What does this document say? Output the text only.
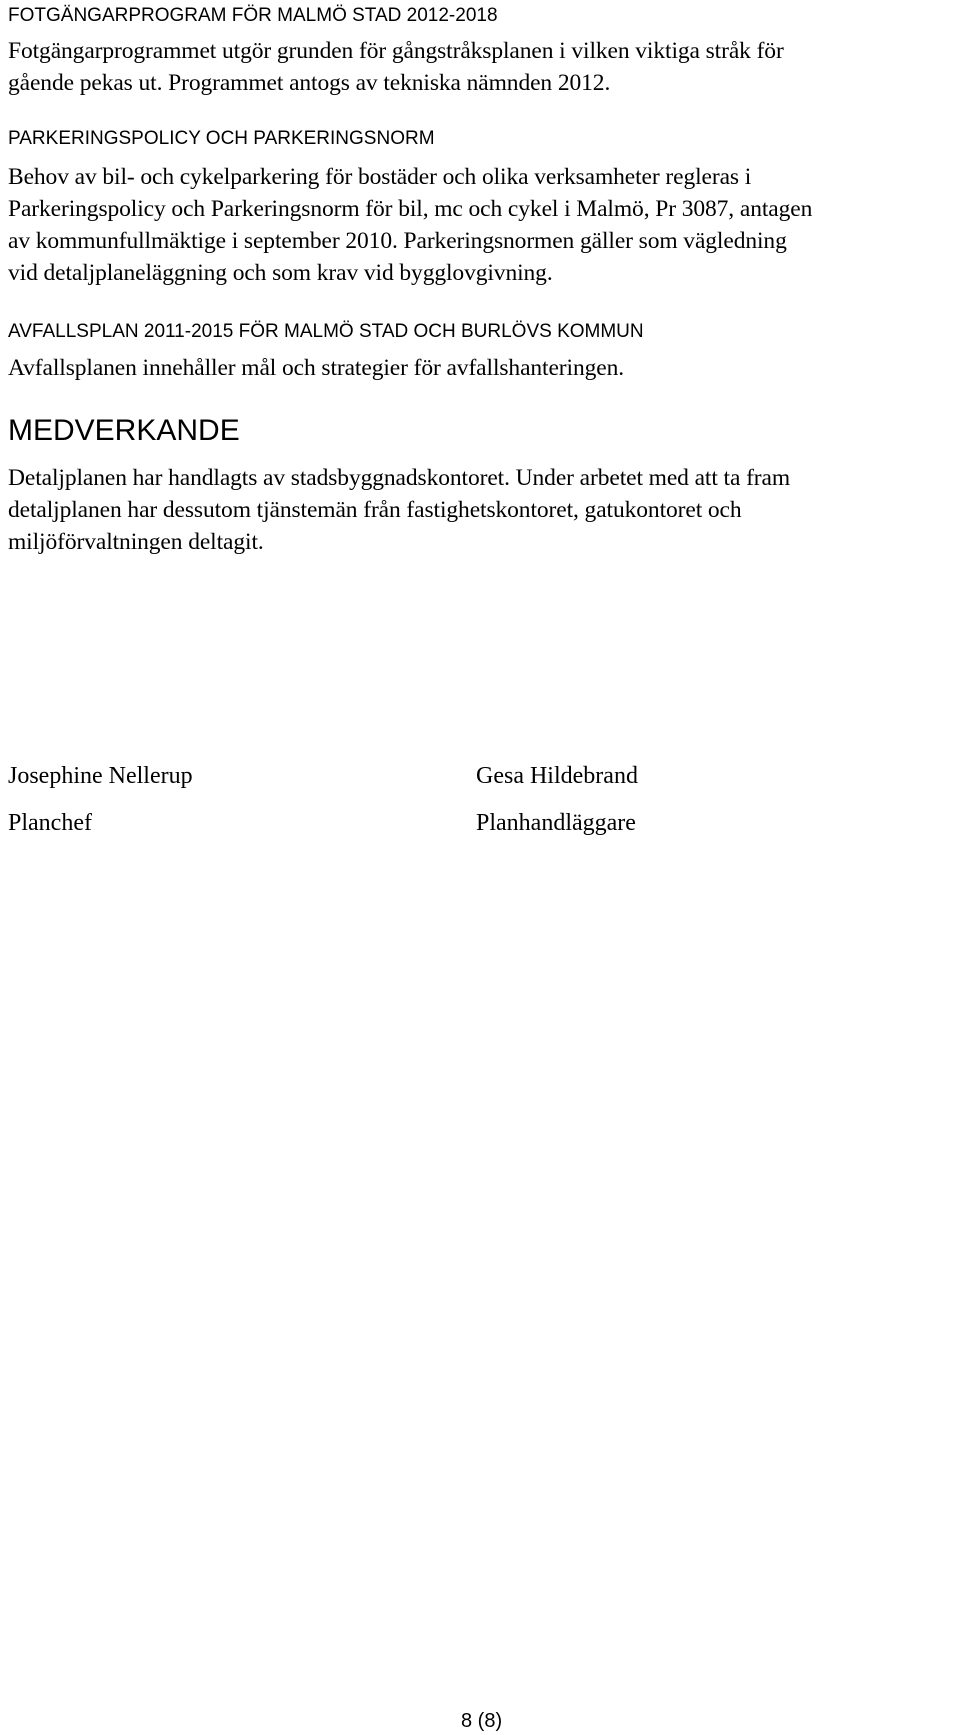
FOTGÄNGARPROGRAM FÖR MALMÖ STAD 2012-2018

Fotgängarprogrammet utgör grunden för gångstråksplanen i vilken viktiga stråk för
gående pekas ut. Programmet antogs av tekniska nämnden 2012.

PARKERINGSPOLICY OCH PARKERINGSNORM

Behov av bil- och cykelparkering för bostäder och olika verksamheter regleras i
Parkeringspolicy och Parkeringsnorm för bil, mc och cykel i Malmö, Pr 3087, antagen
av kommunfullmäktige i september 2010. Parkeringsnormen gäller som vägledning
vid detaljplaneläggning och som krav vid bygglovgivning.

AVFALLSPLAN 2011-2015 FÖR MALMÖ STAD OCH BURLÖVS KOMMUN

Avfallsplanen innehåller mål och strategier för avfallshanteringen.

MEDVERKANDE

Detaljplanen har handlagts av stadsbyggnadskontoret. Under arbetet med att ta fram
detaljplanen har dessutom tjänstemän från fastighetskontoret, gatukontoret och
miljöförvaltningen deltagit.

Josephine Nellerup

Planchef

Gesa Hildebrand

Planhandläggare

8 (8)
